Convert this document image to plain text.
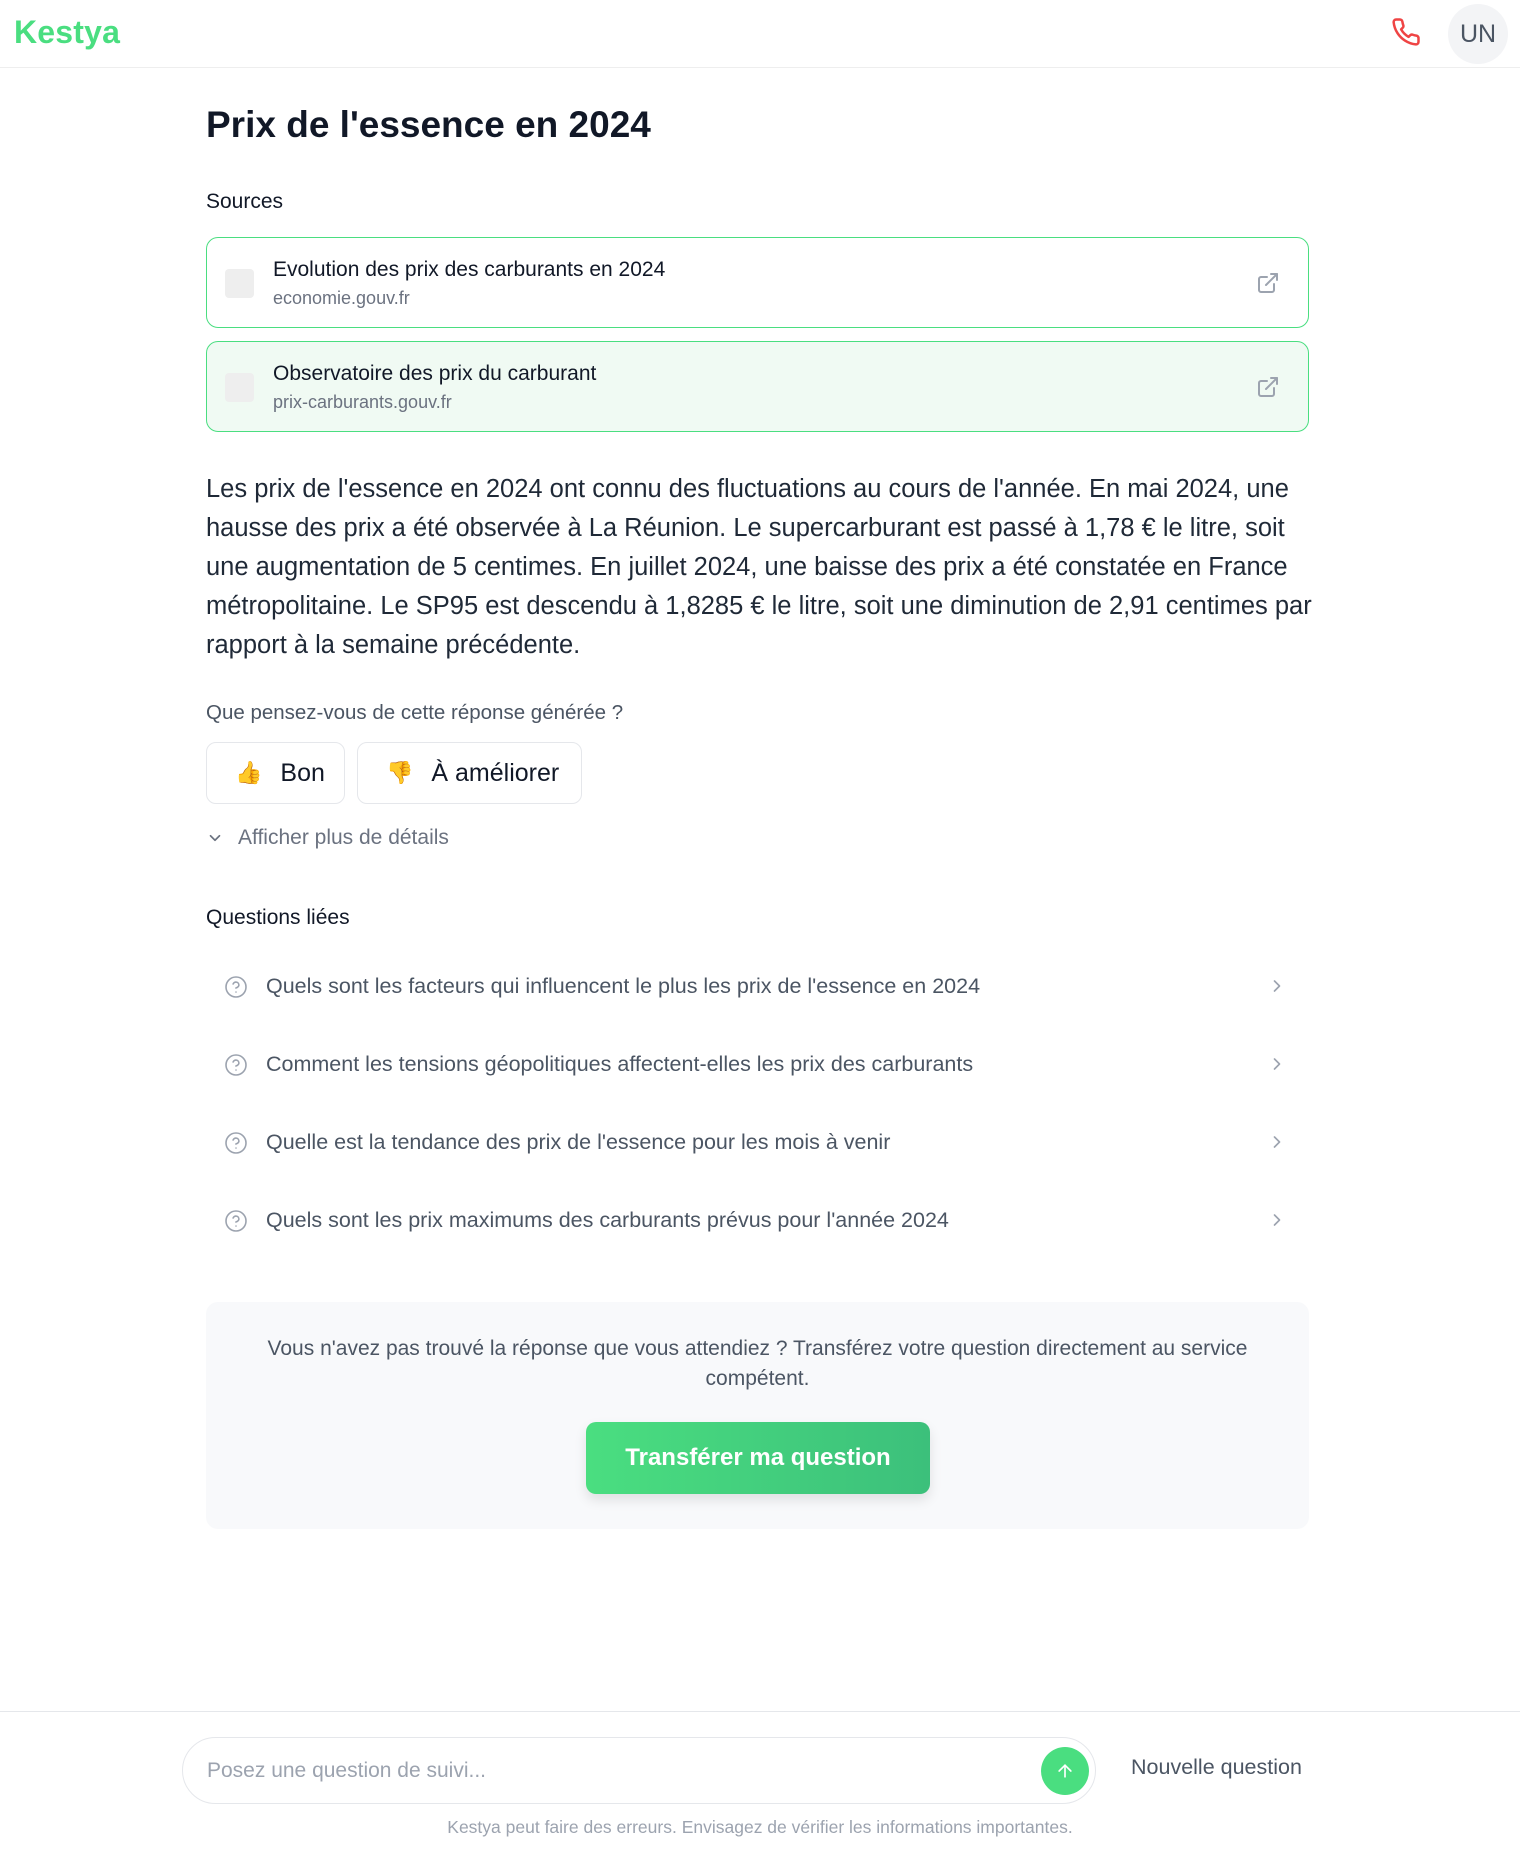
Kestya	UN
Prix de l'essence en 2024
Sources
Evolution des prix des carburants en 2024
economie.gouv.fr
Observatoire des prix du carburant
prix-carburants.gouv.fr

Les prix de l'essence en 2024 ont connu des fluctuations au cours de l'année. En mai 2024, une hausse des prix a été observée à La Réunion. Le supercarburant est passé à 1,78 € le litre, soit une augmentation de 5 centimes. En juillet 2024, une baisse des prix a été constatée en France métropolitaine. Le SP95 est descendu à 1,8285 € le litre, soit une diminution de 2,91 centimes par rapport à la semaine précédente.

Que pensez-vous de cette réponse générée ?
👍 Bon	👎 À améliorer
Afficher plus de détails
Questions liées
Quels sont les facteurs qui influencent le plus les prix de l'essence en 2024
Comment les tensions géopolitiques affectent-elles les prix des carburants
Quelle est la tendance des prix de l'essence pour les mois à venir
Quels sont les prix maximums des carburants prévus pour l'année 2024
Vous n'avez pas trouvé la réponse que vous attendiez ? Transférez votre question directement au service compétent.
Transférer ma question
Posez une question de suivi...
Nouvelle question
Kestya peut faire des erreurs. Envisagez de vérifier les informations importantes.
